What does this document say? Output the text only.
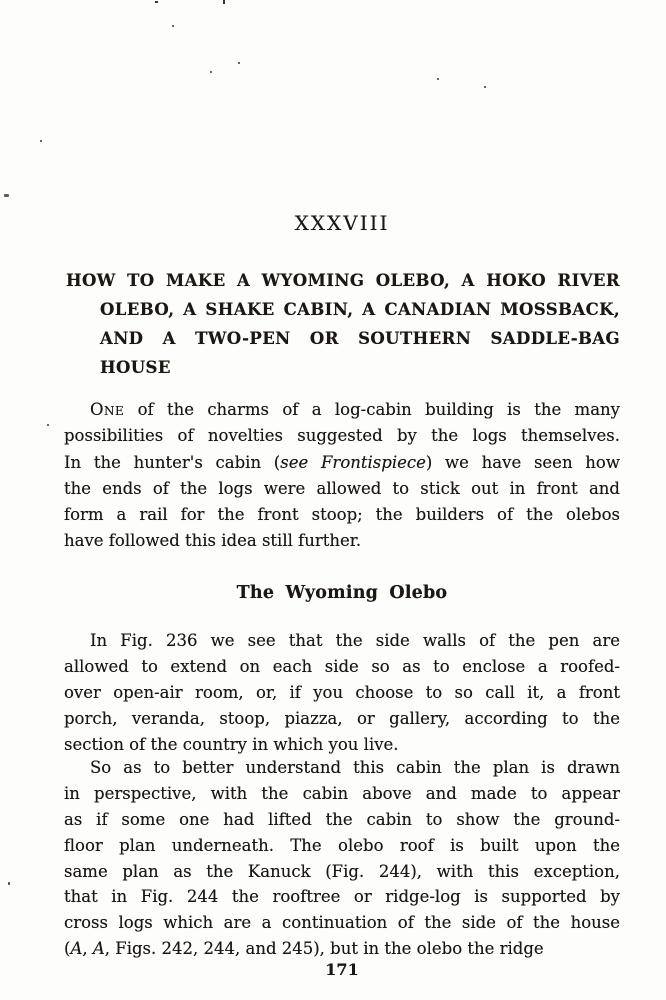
XXXVIII
HOW TO MAKE A WYOMING OLEBO, A HOKO RIVER
OLEBO, A SHAKE CABIN, A CANADIAN MOSSBACK,
AND A TWO-PEN OR SOUTHERN SADDLE-BAG
HOUSE
One of the charms of a log-cabin building is the many
possibilities of novelties suggested by the logs themselves.
In the hunter's cabin (see Frontispiece) we have seen how
the ends of the logs were allowed to stick out in front and
form a rail for the front stoop; the builders of the olebos
have followed this idea still further.
The Wyoming Olebo
In Fig. 236 we see that the side walls of the pen are
allowed to extend on each side so as to enclose a roofed-
over open-air room, or, if you choose to so call it, a front
porch, veranda, stoop, piazza, or gallery, according to the
section of the country in which you live.
So as to better understand this cabin the plan is drawn
in perspective, with the cabin above and made to appear
as if some one had lifted the cabin to show the ground-
floor plan underneath. The olebo roof is built upon the
same plan as the Kanuck (Fig. 244), with this exception,
that in Fig. 244 the rooftree or ridge-log is supported by
cross logs which are a continuation of the side of the house
(A, A, Figs. 242, 244, and 245), but in the olebo the ridge
171
